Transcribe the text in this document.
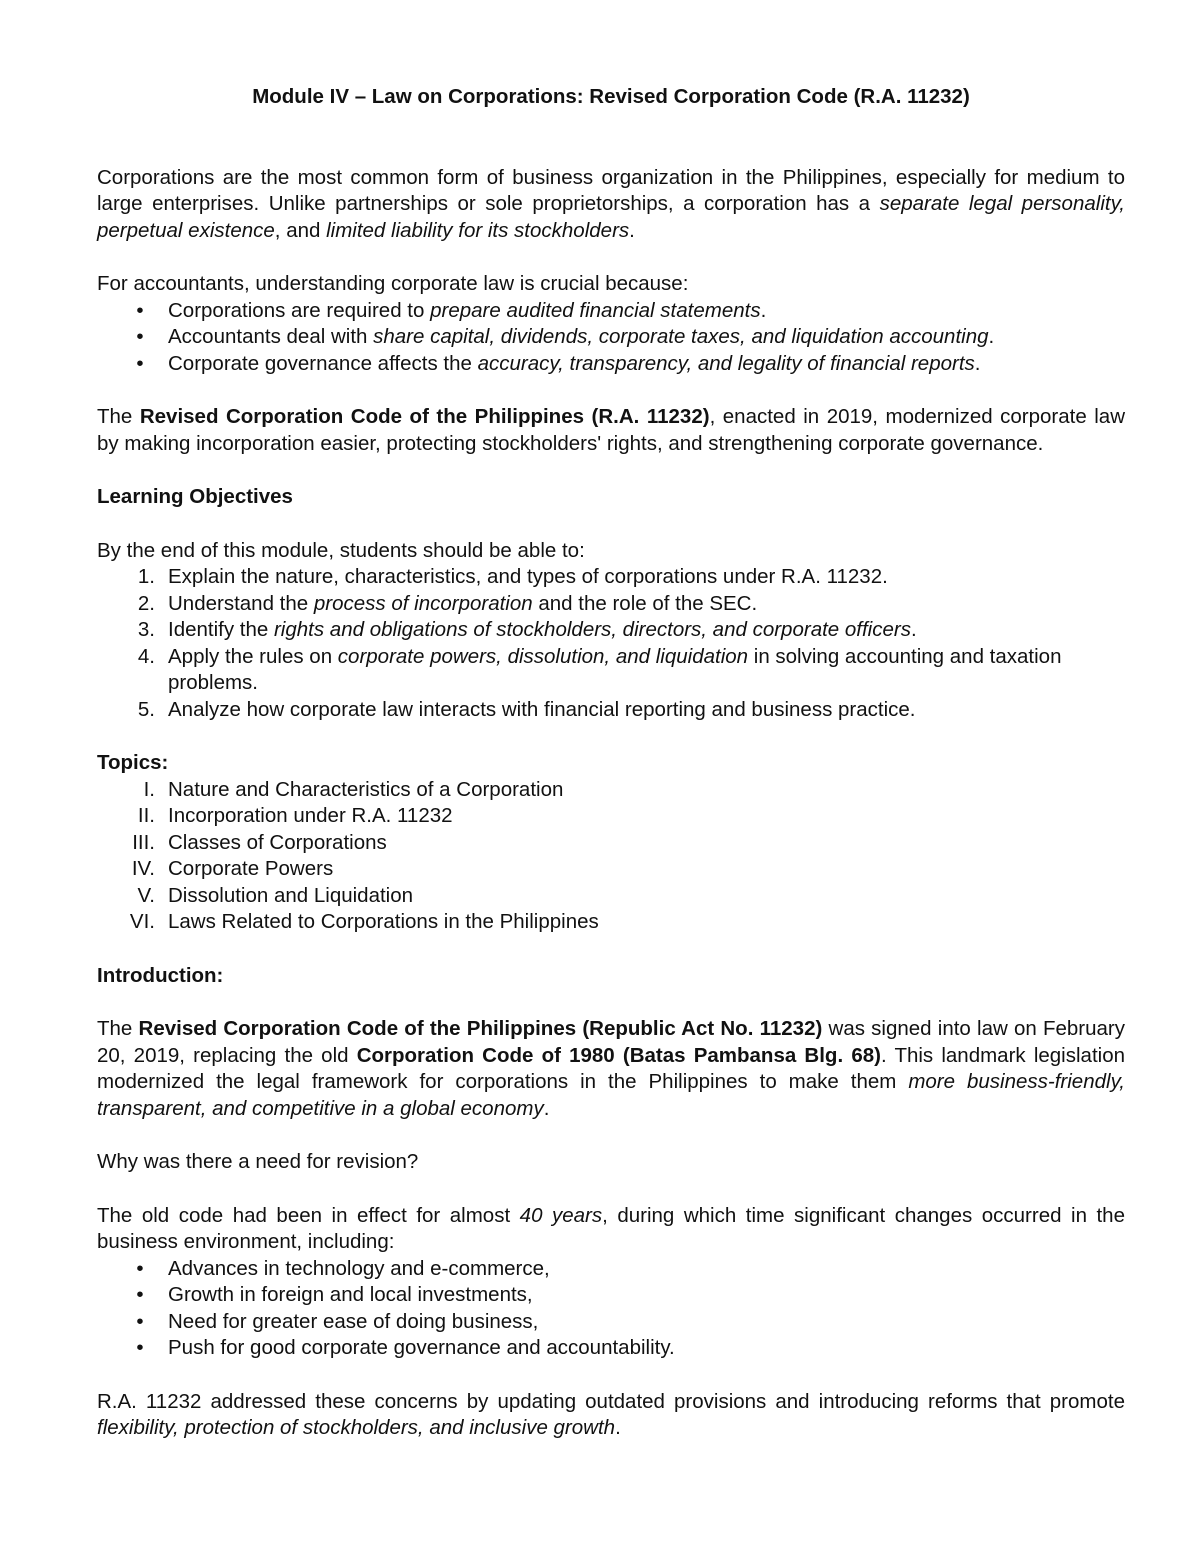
Module IV – Law on Corporations: Revised Corporation Code (R.A. 11232)

Corporations are the most common form of business organization in the Philippines, especially for medium to large enterprises. Unlike partnerships or sole proprietorships, a corporation has a separate legal personality, perpetual existence, and limited liability for its stockholders.

For accountants, understanding corporate law is crucial because:

•	Corporations are required to prepare audited financial statements.
•	Accountants deal with share capital, dividends, corporate taxes, and liquidation accounting.
•	Corporate governance affects the accuracy, transparency, and legality of financial reports.

The Revised Corporation Code of the Philippines (R.A. 11232), enacted in 2019, modernized corporate law by making incorporation easier, protecting stockholders' rights, and strengthening corporate governance.

Learning Objectives

By the end of this module, students should be able to:

1. Explain the nature, characteristics, and types of corporations under R.A. 11232.
2. Understand the process of incorporation and the role of the SEC.
3. Identify the rights and obligations of stockholders, directors, and corporate officers.
4. Apply the rules on corporate powers, dissolution, and liquidation in solving accounting and taxation problems.
5. Analyze how corporate law interacts with financial reporting and business practice.
Topics:
I. Nature and Characteristics of a Corporation
II. Incorporation under R.A. 11232
III. Classes of Corporations
IV. Corporate Powers
V. Dissolution and Liquidation
VI. Laws Related to Corporations in the Philippines
Introduction:

The Revised Corporation Code of the Philippines (Republic Act No. 11232) was signed into law on February 20, 2019, replacing the old Corporation Code of 1980 (Batas Pambansa Blg. 68). This landmark legislation modernized the legal framework for corporations in the Philippines to make them more business-friendly, transparent, and competitive in a global economy.

Why was there a need for revision?

The old code had been in effect for almost 40 years, during which time significant changes occurred in the business environment, including:

•	Advances in technology and e-commerce,
•	Growth in foreign and local investments,
•	Need for greater ease of doing business,
•	Push for good corporate governance and accountability.

R.A. 11232 addressed these concerns by updating outdated provisions and introducing reforms that promote flexibility, protection of stockholders, and inclusive growth.
